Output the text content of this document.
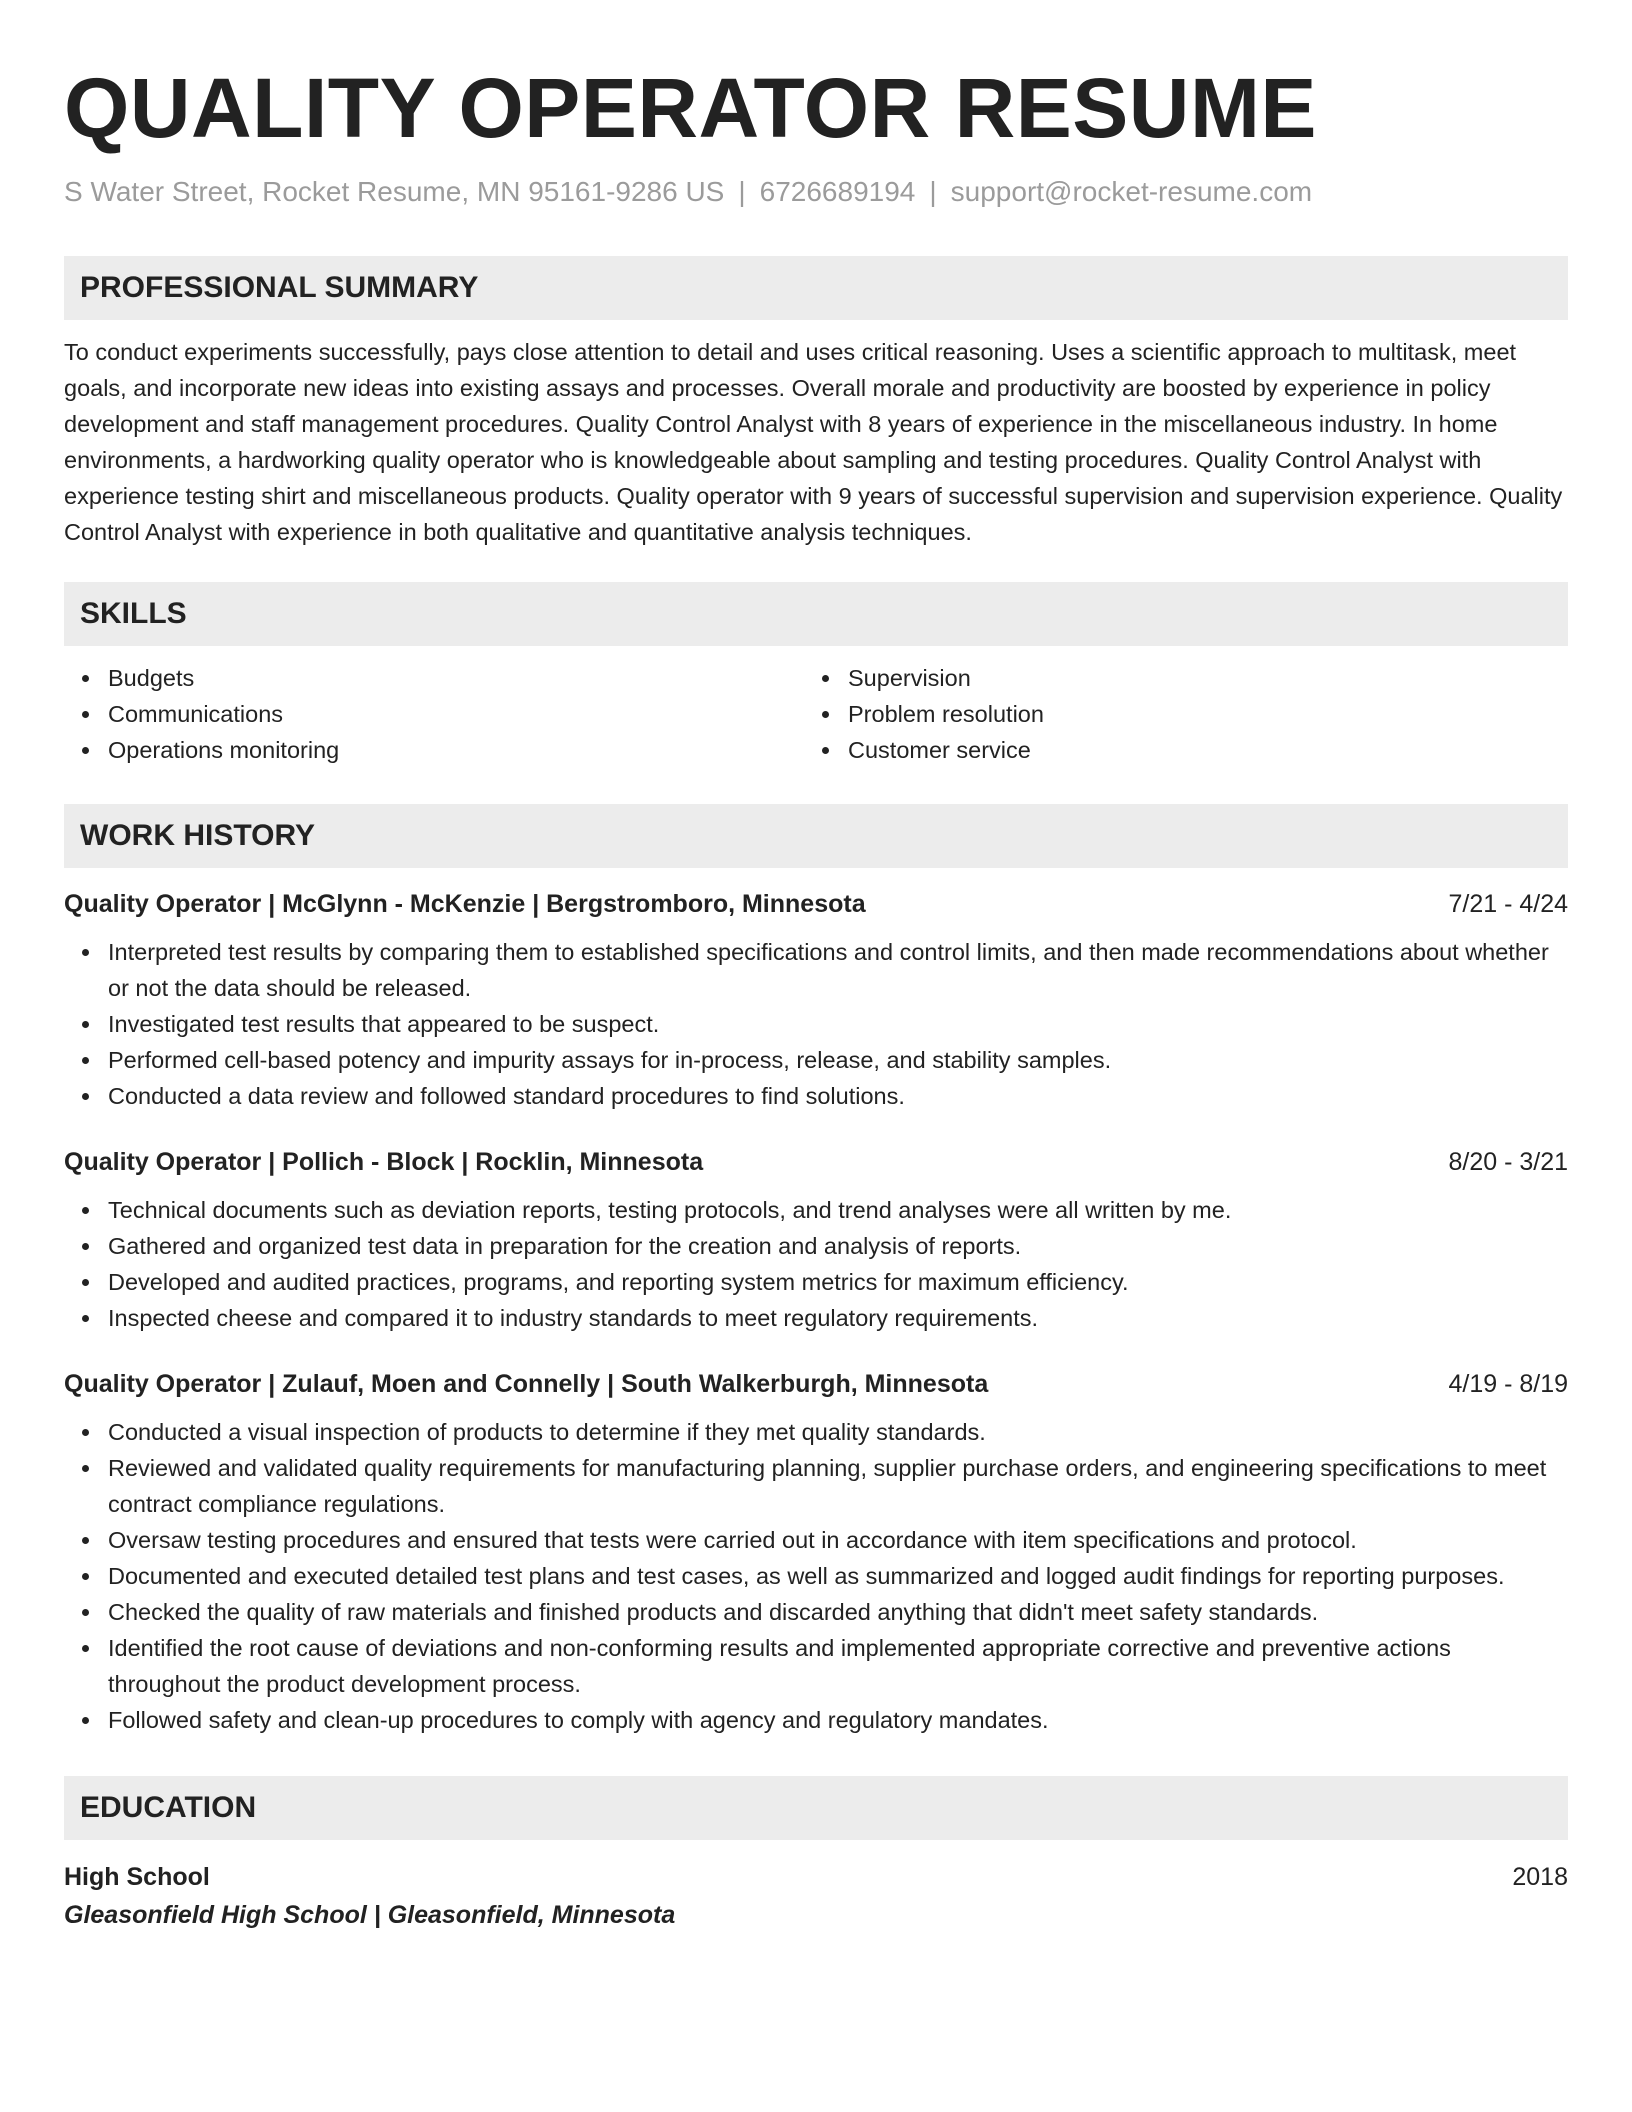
QUALITY OPERATOR RESUME
S Water Street, Rocket Resume, MN 95161-9286 US | 6726689194 | support@rocket-resume.com
PROFESSIONAL SUMMARY

To conduct experiments successfully, pays close attention to detail and uses critical reasoning. Uses a scientific approach to multitask, meet goals, and incorporate new ideas into existing assays and processes. Overall morale and productivity are boosted by experience in policy development and staff management procedures. Quality Control Analyst with 8 years of experience in the miscellaneous industry. In home environments, a hardworking quality operator who is knowledgeable about sampling and testing procedures. Quality Control Analyst with experience testing shirt and miscellaneous products. Quality operator with 9 years of successful supervision and supervision experience. Quality Control Analyst with experience in both qualitative and quantitative analysis techniques.

SKILLS
Budgets
Communications
Operations monitoring
Supervision
Problem resolution
Customer service
WORK HISTORY
Quality Operator | McGlynn - McKenzie | Bergstromboro, Minnesota	7/21 - 4/24
Interpreted test results by comparing them to established specifications and control limits, and then made recommendations about whether or not the data should be released.
Investigated test results that appeared to be suspect.
Performed cell-based potency and impurity assays for in-process, release, and stability samples.
Conducted a data review and followed standard procedures to find solutions.
Quality Operator | Pollich - Block | Rocklin, Minnesota	8/20 - 3/21
Technical documents such as deviation reports, testing protocols, and trend analyses were all written by me.
Gathered and organized test data in preparation for the creation and analysis of reports.
Developed and audited practices, programs, and reporting system metrics for maximum efficiency.
Inspected cheese and compared it to industry standards to meet regulatory requirements.
Quality Operator | Zulauf, Moen and Connelly | South Walkerburgh, Minnesota	4/19 - 8/19
Conducted a visual inspection of products to determine if they met quality standards.
Reviewed and validated quality requirements for manufacturing planning, supplier purchase orders, and engineering specifications to meet contract compliance regulations.
Oversaw testing procedures and ensured that tests were carried out in accordance with item specifications and protocol.
Documented and executed detailed test plans and test cases, as well as summarized and logged audit findings for reporting purposes.
Checked the quality of raw materials and finished products and discarded anything that didn't meet safety standards.
Identified the root cause of deviations and non-conforming results and implemented appropriate corrective and preventive actions throughout the product development process.
Followed safety and clean-up procedures to comply with agency and regulatory mandates.
EDUCATION
High School	2018
Gleasonfield High School | Gleasonfield, Minnesota
